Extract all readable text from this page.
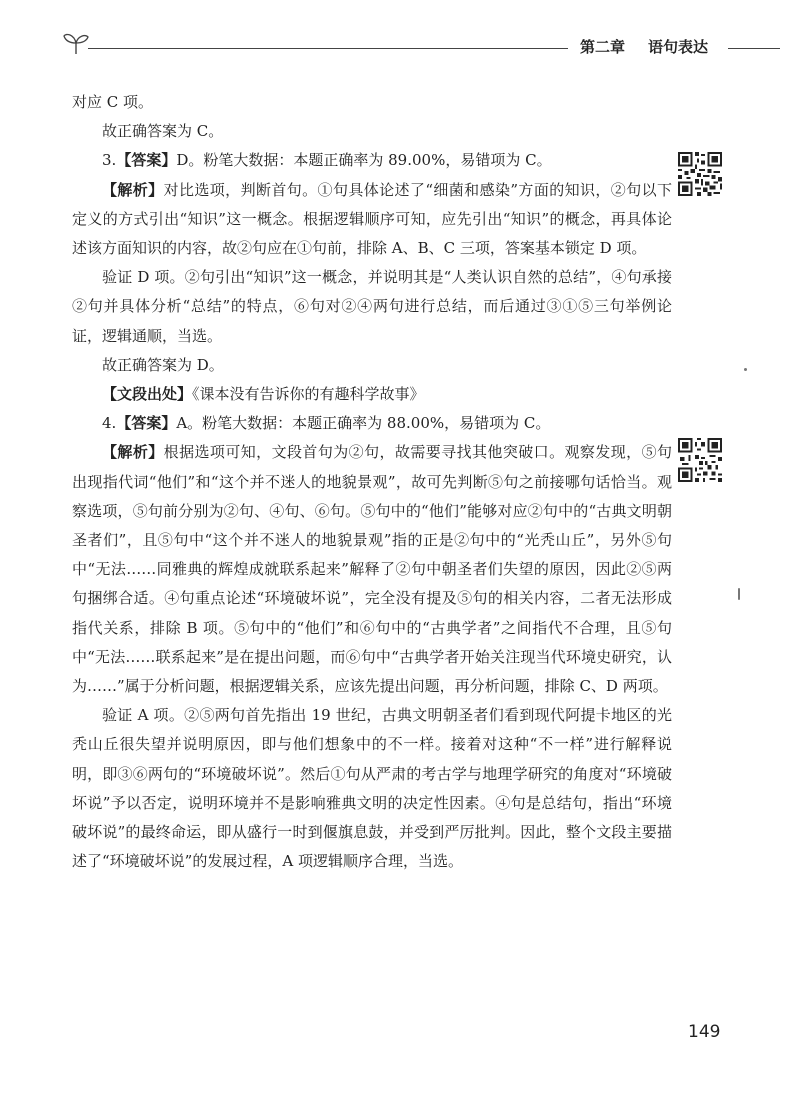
第二章 语句表达

对应 C 项。

故正确答案为 C。

3.【答案】D。粉笔大数据：本题正确率为 89.00%，易错项为 C。

【解析】对比选项，判断首句。①句具体论述了“细菌和感染”方面的知识，②句以下定义的方式引出“知识”这一概念。根据逻辑顺序可知，应先引出“知识”的概念，再具体论述该方面知识的内容，故②句应在①句前，排除 A、B、C 三项，答案基本锁定 D 项。

验证 D 项。②句引出“知识”这一概念，并说明其是“人类认识自然的总结”，④句承接②句并具体分析“总结”的特点，⑥句对②④两句进行总结，而后通过③①⑤三句举例论证，逻辑通顺，当选。

故正确答案为 D。

【文段出处】《课本没有告诉你的有趣科学故事》

4.【答案】A。粉笔大数据：本题正确率为 88.00%，易错项为 C。

【解析】根据选项可知，文段首句为②句，故需要寻找其他突破口。观察发现，⑤句出现指代词“他们”和“这个并不迷人的地貌景观”，故可先判断⑤句之前接哪句话恰当。观察选项，⑤句前分别为②句、④句、⑥句。⑤句中的“他们”能够对应②句中的“古典文明朝圣者们”，且⑤句中“这个并不迷人的地貌景观”指的正是②句中的“光秃山丘”，另外⑤句中“无法……同雅典的辉煌成就联系起来”解释了②句中朝圣者们失望的原因，因此②⑤两句捆绑合适。④句重点论述“环境破坏说”，完全没有提及⑤句的相关内容，二者无法形成指代关系，排除 B 项。⑤句中的“他们”和⑥句中的“古典学者”之间指代不合理，且⑤句中“无法……联系起来”是在提出问题，而⑥句中“古典学者开始关注现当代环境史研究，认为……”属于分析问题，根据逻辑关系，应该先提出问题，再分析问题，排除 C、D 两项。

验证 A 项。②⑤两句首先指出 19 世纪，古典文明朝圣者们看到现代阿提卡地区的光秃山丘很失望并说明原因，即与他们想象中的不一样。接着对这种“不一样”进行解释说明，即③⑥两句的“环境破坏说”。然后①句从严肃的考古学与地理学研究的角度对“环境破坏说”予以否定，说明环境并不是影响雅典文明的决定性因素。④句是总结句，指出“环境破坏说”的最终命运，即从盛行一时到偃旗息鼓，并受到严厉批判。因此，整个文段主要描述了“环境破坏说”的发展过程，A 项逻辑顺序合理，当选。

149
